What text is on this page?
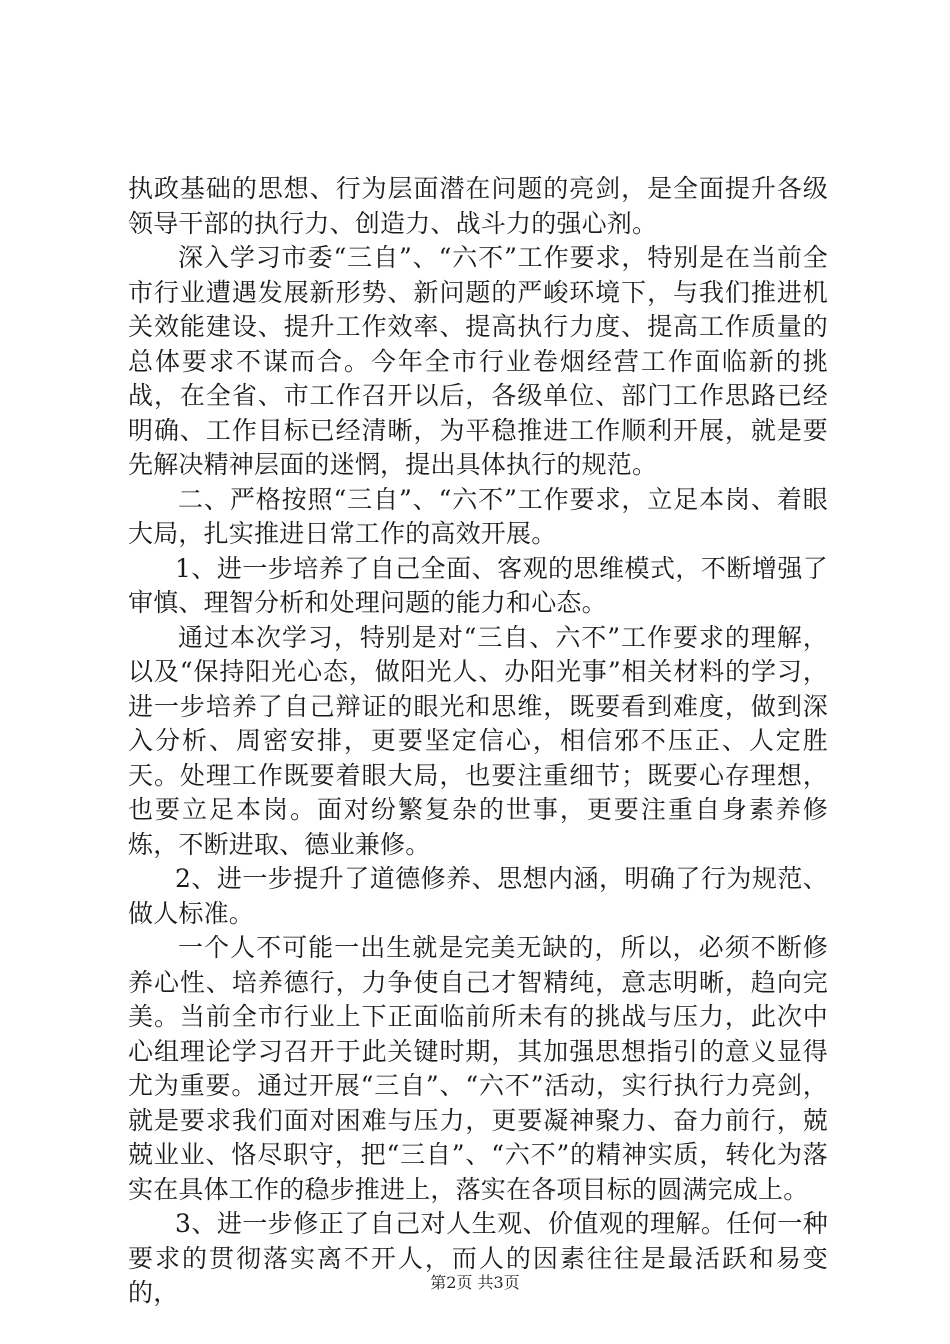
执政基础的思想、行为层面潜在问题的亮剑，是全面提升各级领导干部的执行力、创造力、战斗力的强心剂。

深入学习市委“三自”、“六不”工作要求，特别是在当前全市行业遭遇发展新形势、新问题的严峻环境下，与我们推进机关效能建设、提升工作效率、提高执行力度、提高工作质量的总体要求不谋而合。今年全市行业卷烟经营工作面临新的挑战，在全省、市工作召开以后，各级单位、部门工作思路已经明确、工作目标已经清晰，为平稳推进工作顺利开展，就是要先解决精神层面的迷惘，提出具体执行的规范。

二、严格按照“三自”、“六不”工作要求，立足本岗、着眼大局，扎实推进日常工作的高效开展。

1、进一步培养了自己全面、客观的思维模式，不断增强了审慎、理智分析和处理问题的能力和心态。

通过本次学习，特别是对“三自、六不”工作要求的理解，以及“保持阳光心态，做阳光人、办阳光事”相关材料的学习，进一步培养了自己辩证的眼光和思维，既要看到难度，做到深入分析、周密安排，更要坚定信心，相信邪不压正、人定胜天。处理工作既要着眼大局，也要注重细节；既要心存理想，也要立足本岗。面对纷繁复杂的世事，更要注重自身素养修炼，不断进取、德业兼修。

2、进一步提升了道德修养、思想内涵，明确了行为规范、做人标准。

一个人不可能一出生就是完美无缺的，所以，必须不断修养心性、培养德行，力争使自己才智精纯，意志明晰，趋向完美。当前全市行业上下正面临前所未有的挑战与压力，此次中心组理论学习召开于此关键时期，其加强思想指引的意义显得尤为重要。通过开展“三自”、“六不”活动，实行执行力亮剑，就是要求我们面对困难与压力，更要凝神聚力、奋力前行，兢兢业业、恪尽职守，把“三自”、“六不”的精神实质，转化为落实在具体工作的稳步推进上，落实在各项目标的圆满完成上。

3、进一步修正了自己对人生观、价值观的理解。任何一种要求的贯彻落实离不开人，而人的因素往往是最活跃和易变的，	第2页 共3页
